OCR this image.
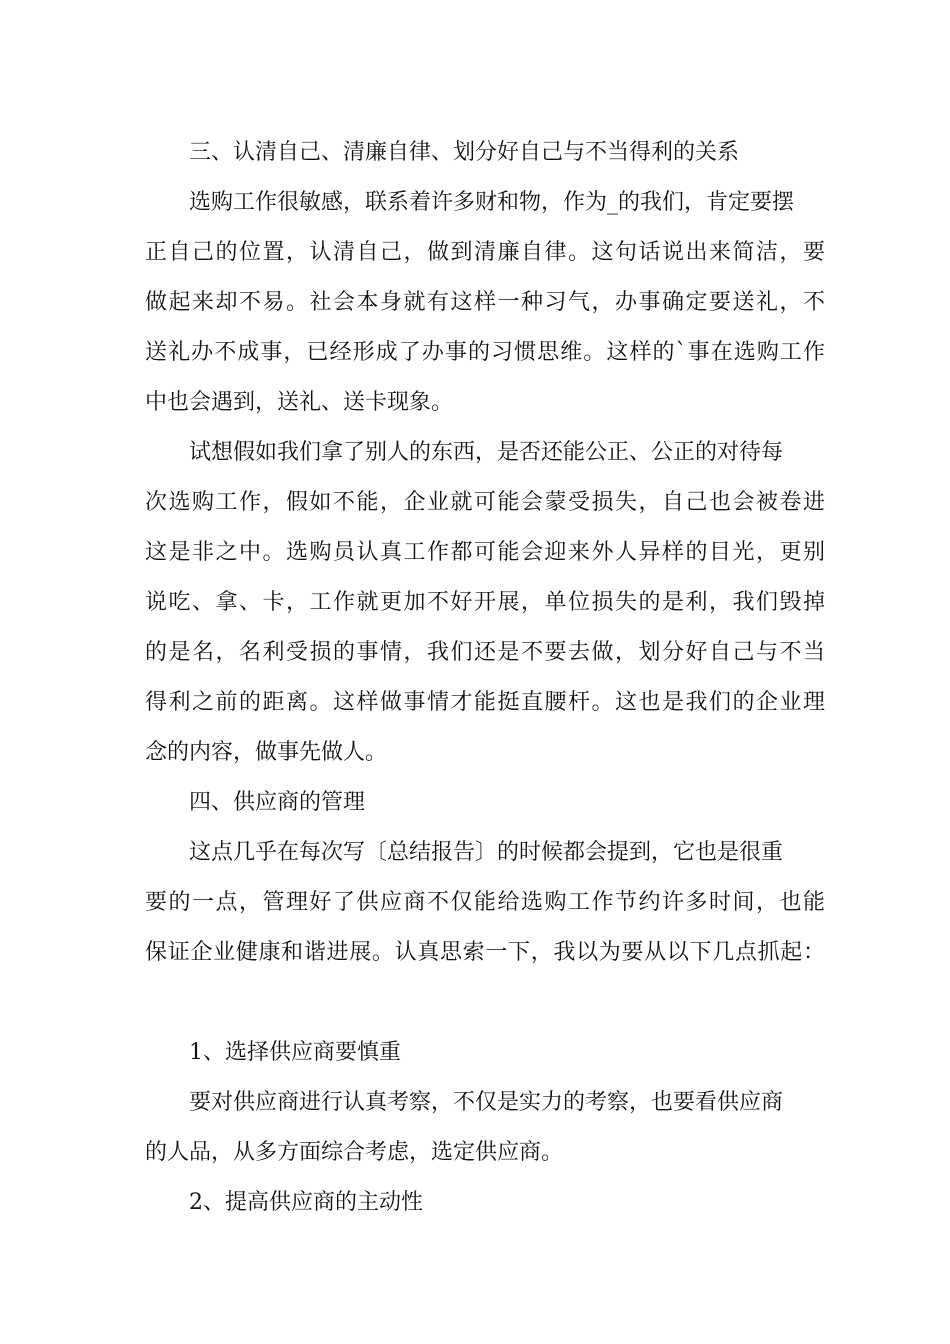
三、认清自己、清廉自律、划分好自己与不当得利的关系
选购工作很敏感，联系着许多财和物，作为_的我们，肯定要摆
正自己的位置，认清自己，做到清廉自律。这句话说出来简洁，要
做起来却不易。社会本身就有这样一种习气，办事确定要送礼，不
送礼办不成事，已经形成了办事的习惯思维。这样的`事在选购工作
中也会遇到，送礼、送卡现象。
试想假如我们拿了别人的东西，是否还能公正、公正的对待每
次选购工作，假如不能，企业就可能会蒙受损失，自己也会被卷进
这是非之中。选购员认真工作都可能会迎来外人异样的目光，更别
说吃、拿、卡，工作就更加不好开展，单位损失的是利，我们毁掉
的是名，名利受损的事情，我们还是不要去做，划分好自己与不当
得利之前的距离。这样做事情才能挺直腰杆。这也是我们的企业理
念的内容，做事先做人。
四、供应商的管理
这点几乎在每次写〔总结报告〕的时候都会提到，它也是很重
要的一点，管理好了供应商不仅能给选购工作节约许多时间，也能
保证企业健康和谐进展。认真思索一下，我以为要从以下几点抓起：
1、选择供应商要慎重
要对供应商进行认真考察，不仅是实力的考察，也要看供应商
的人品，从多方面综合考虑，选定供应商。
2、提高供应商的主动性
